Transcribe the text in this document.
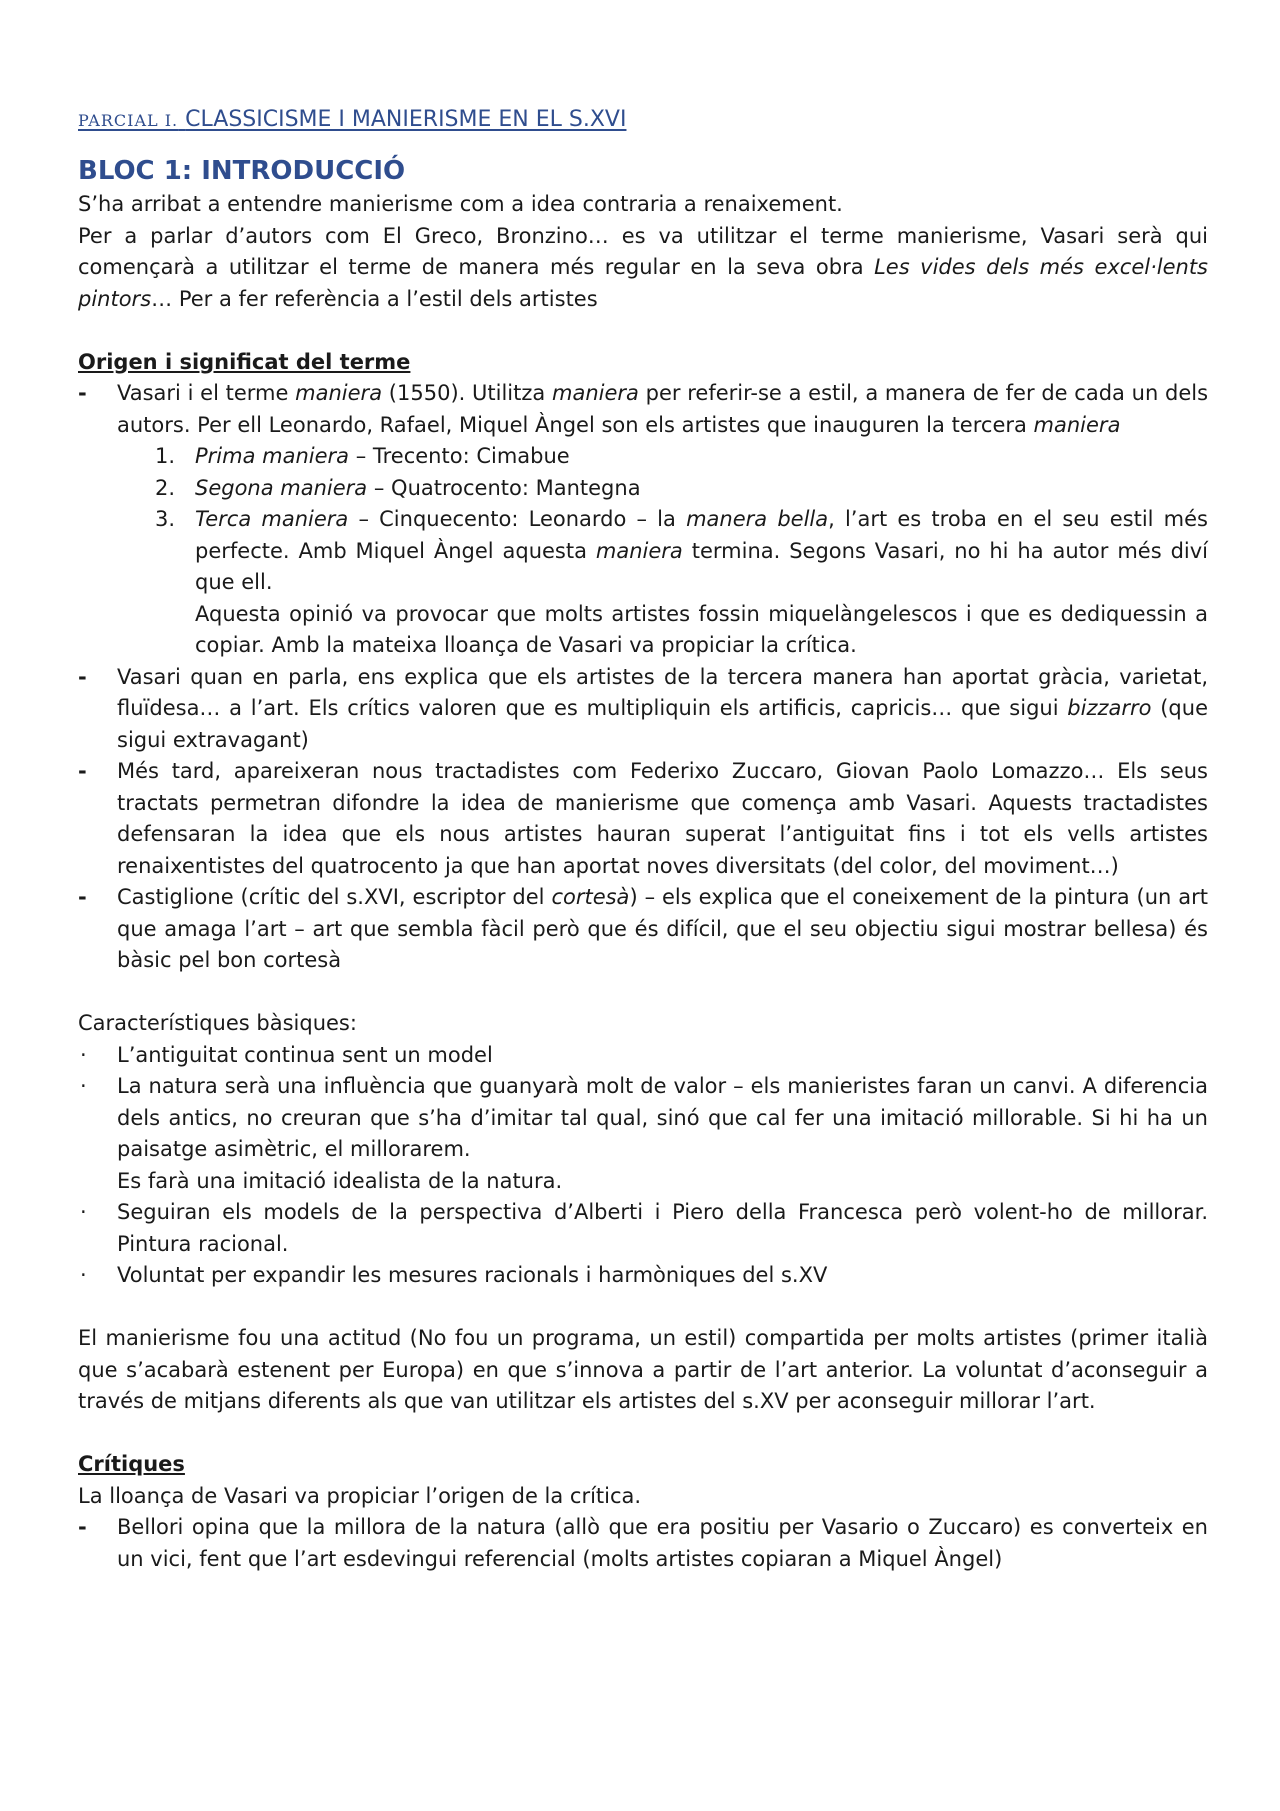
PARCIAL I. CLASSICISME I MANIERISME EN EL S.XVI
BLOC 1: INTRODUCCIÓ

S’ha arribat a entendre manierisme com a idea contraria a renaixement.

Per a parlar d’autors com El Greco, Bronzino… es va utilitzar el terme manierisme, Vasari serà qui començarà a utilitzar el terme de manera més regular en la seva obra Les vides dels més excel·lents pintors… Per a fer referència a l’estil dels artistes

Origen i significat del terme

- Vasari i el terme maniera (1550). Utilitza maniera per referir-se a estil, a manera de fer de cada un dels autors. Per ell Leonardo, Rafael, Miquel Àngel son els artistes que inauguren la tercera maniera
1. Prima maniera – Trecento: Cimabue
2. Segona maniera – Quatrocento: Mantegna
3. Terca maniera – Cinquecento: Leonardo – la manera bella, l’art es troba en el seu estil més perfecte. Amb Miquel Àngel aquesta maniera termina. Segons Vasari, no hi ha autor més diví que ell.
Aquesta opinió va provocar que molts artistes fossin miquelàngelescos i que es dediquessin a copiar. Amb la mateixa lloança de Vasari va propiciar la crítica.
- Vasari quan en parla, ens explica que els artistes de la tercera manera han aportat gràcia, varietat, fluïdesa… a l’art. Els crítics valoren que es multipliquin els artificis, capricis… que sigui bizzarro (que sigui extravagant)
- Més tard, apareixeran nous tractadistes com Federixo Zuccaro, Giovan Paolo Lomazzo… Els seus tractats permetran difondre la idea de manierisme que comença amb Vasari. Aquests tractadistes defensaran la idea que els nous artistes hauran superat l’antiguitat fins i tot els vells artistes renaixentistes del quatrocento ja que han aportat noves diversitats (del color, del moviment…)
- Castiglione (crític del s.XVI, escriptor del cortesà) – els explica que el coneixement de la pintura (un art que amaga l’art – art que sembla fàcil però que és difícil, que el seu objectiu sigui mostrar bellesa) és bàsic pel bon cortesà

Característiques bàsiques:

· L’antiguitat continua sent un model
· La natura serà una influència que guanyarà molt de valor – els manieristes faran un canvi. A diferencia dels antics, no creuran que s’ha d’imitar tal qual, sinó que cal fer una imitació millorable. Si hi ha un paisatge asimètric, el millorarem.
Es farà una imitació idealista de la natura.
· Seguiran els models de la perspectiva d’Alberti i Piero della Francesca però volent-ho de millorar. Pintura racional.
· Voluntat per expandir les mesures racionals i harmòniques del s.XV

El manierisme fou una actitud (No fou un programa, un estil) compartida per molts artistes (primer italià que s’acabarà estenent per Europa) en que s’innova a partir de l’art anterior. La voluntat d’aconseguir a través de mitjans diferents als que van utilitzar els artistes del s.XV per aconseguir millorar l’art.

Crítiques

La lloança de Vasari va propiciar l’origen de la crítica.

- Bellori opina que la millora de la natura (allò que era positiu per Vasario o Zuccaro) es converteix en un vici, fent que l’art esdevingui referencial (molts artistes copiaran a Miquel Àngel)
